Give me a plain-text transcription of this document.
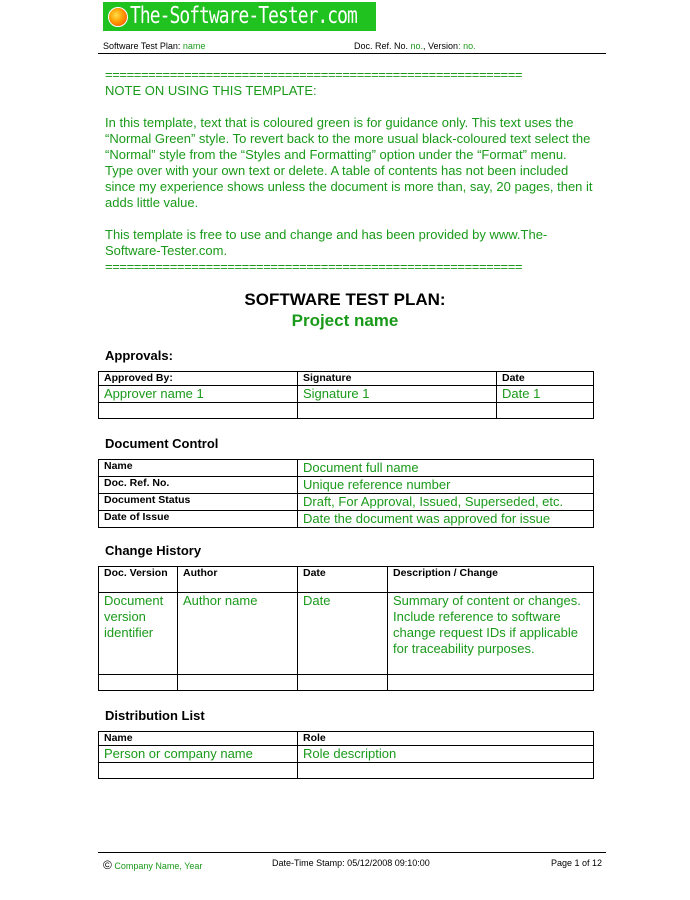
The-Software-Tester.com
Software Test Plan: name	Doc. Ref. No. no., Version: no.

==========================================================

NOTE ON USING THIS TEMPLATE:

In this template, text that is coloured green is for guidance only. This text uses the “Normal Green” style. To revert back to the more usual black-coloured text select the “Normal” style from the “Styles and Formatting” option under the “Format” menu. Type over with your own text or delete. A table of contents has not been included since my experience shows unless the document is more than, say, 20 pages, then it adds little value.

This template is free to use and change and has been provided by www.The-Software-Tester.com.

==========================================================

SOFTWARE TEST PLAN:
Project name
Approvals:
Approved By:	Signature	Date
Approver name 1	Signature 1	Date 1

Document Control
Name	Document full name
Doc. Ref. No.	Unique reference number
Document Status	Draft, For Approval, Issued, Superseded, etc.
Date of Issue	Date the document was approved for issue
Change History
Doc. Version	Author	Date	Description / Change
Document version identifier	Author name	Date	Summary of content or changes. Include reference to software change request IDs if applicable for traceability purposes.

Distribution List
Name	Role
Person or company name	Role description

© Company Name, Year	Date-Time Stamp: 05/12/2008 09:10:00	Page 1 of 12
